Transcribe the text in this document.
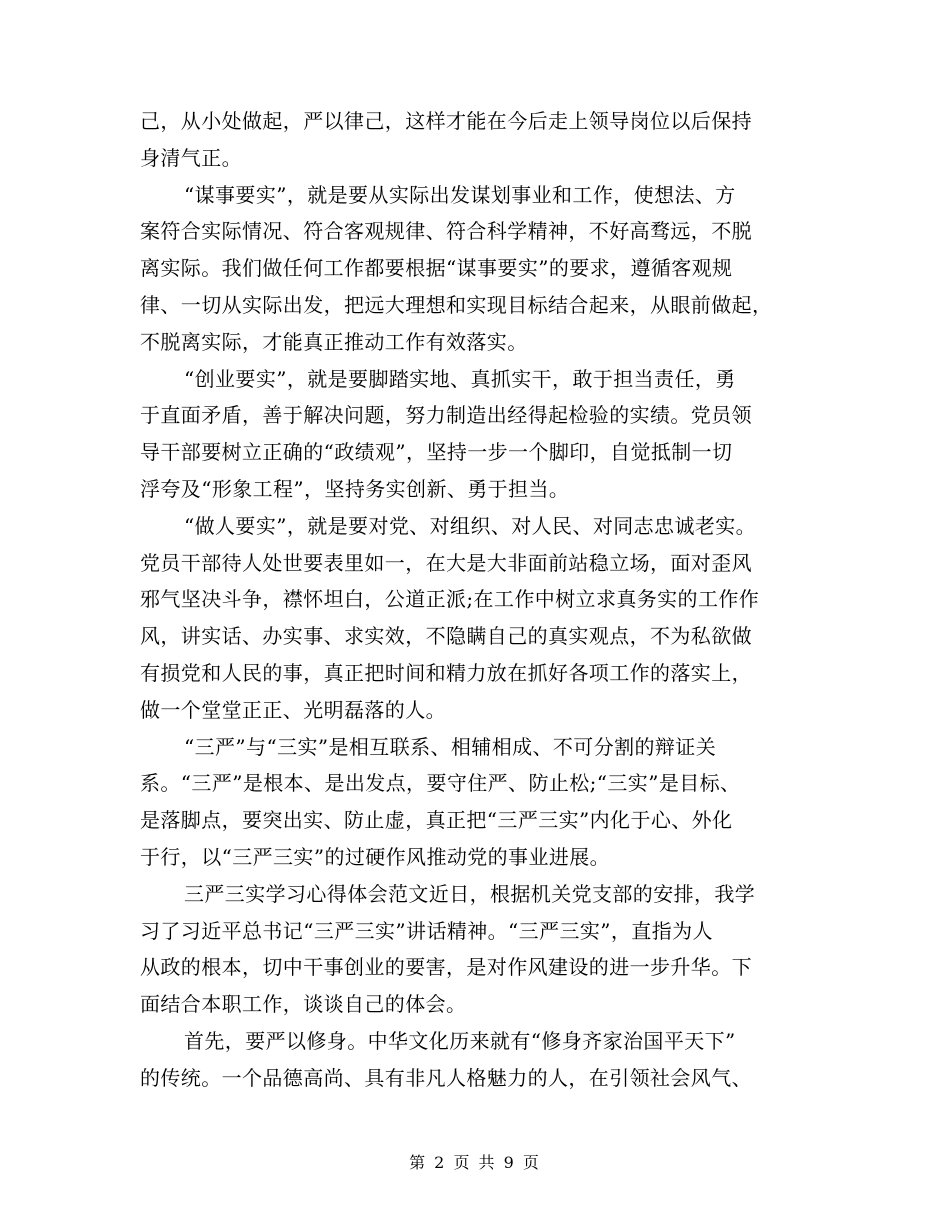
己，从小处做起，严以律己，这样才能在今后走上领导岗位以后保持
身清气正。
“谋事要实”，就是要从实际出发谋划事业和工作，使想法、方
案符合实际情况、符合客观规律、符合科学精神，不好高骛远，不脱
离实际。我们做任何工作都要根据“谋事要实”的要求，遵循客观规
律、一切从实际出发，把远大理想和实现目标结合起来，从眼前做起，
不脱离实际，才能真正推动工作有效落实。
“创业要实”，就是要脚踏实地、真抓实干，敢于担当责任，勇
于直面矛盾，善于解决问题，努力制造出经得起检验的实绩。党员领
导干部要树立正确的“政绩观”，坚持一步一个脚印，自觉抵制一切
浮夸及“形象工程”，坚持务实创新、勇于担当。
“做人要实”，就是要对党、对组织、对人民、对同志忠诚老实。
党员干部待人处世要表里如一，在大是大非面前站稳立场，面对歪风
邪气坚决斗争，襟怀坦白，公道正派;在工作中树立求真务实的工作作
风，讲实话、办实事、求实效，不隐瞒自己的真实观点，不为私欲做
有损党和人民的事，真正把时间和精力放在抓好各项工作的落实上，
做一个堂堂正正、光明磊落的人。
“三严”与“三实”是相互联系、相辅相成、不可分割的辩证关
系。“三严”是根本、是出发点，要守住严、防止松;“三实”是目标、
是落脚点，要突出实、防止虚，真正把“三严三实”内化于心、外化
于行，以“三严三实”的过硬作风推动党的事业进展。
三严三实学习心得体会范文近日，根据机关党支部的安排，我学
习了习近平总书记“三严三实”讲话精神。“三严三实”，直指为人
从政的根本，切中干事创业的要害，是对作风建设的进一步升华。下
面结合本职工作，谈谈自己的体会。
首先，要严以修身。中华文化历来就有“修身齐家治国平天下”
的传统。一个品德高尚、具有非凡人格魅力的人，在引领社会风气、
第 2 页 共 9 页
